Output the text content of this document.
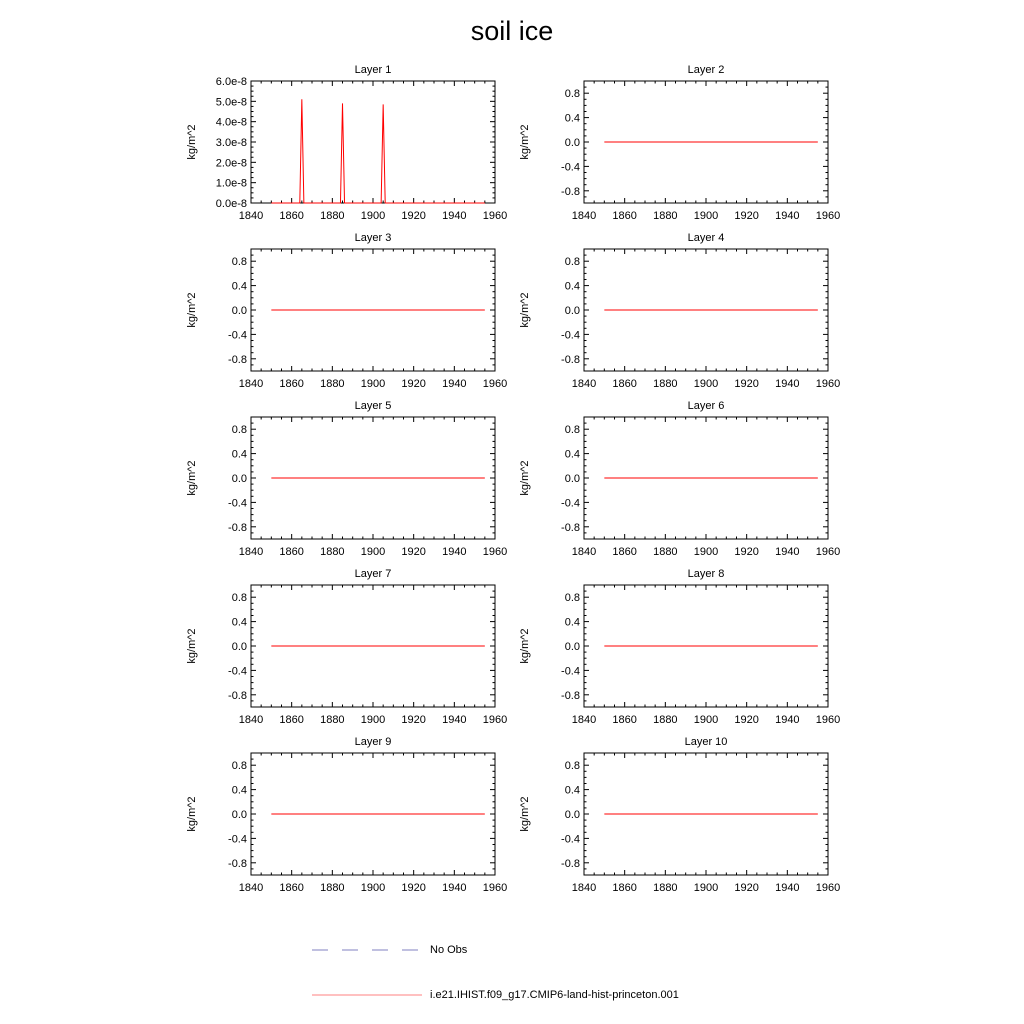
soil ice
Layer 1
kg/m^2
1840 1860 1880 1900 1920 1940 1960
0.0e-8
1.0e-8
2.0e-8
3.0e-8
4.0e-8
5.0e-8
6.0e-8
Layer 2
kg/m^2
1840 1860 1880 1900 1920 1940 1960
0.8
0.4
0.0
-0.4
-0.8
Layer 3
kg/m^2
1840 1860 1880 1900 1920 1940 1960
0.8
0.4
0.0
-0.4
-0.8
Layer 4
kg/m^2
1840 1860 1880 1900 1920 1940 1960
0.8
0.4
0.0
-0.4
-0.8
Layer 5
kg/m^2
1840 1860 1880 1900 1920 1940 1960
0.8
0.4
0.0
-0.4
-0.8
Layer 6
kg/m^2
1840 1860 1880 1900 1920 1940 1960
0.8
0.4
0.0
-0.4
-0.8
Layer 7
kg/m^2
1840 1860 1880 1900 1920 1940 1960
0.8
0.4
0.0
-0.4
-0.8
Layer 8
kg/m^2
1840 1860 1880 1900 1920 1940 1960
0.8
0.4
0.0
-0.4
-0.8
Layer 9
kg/m^2
1840 1860 1880 1900 1920 1940 1960
0.8
0.4
0.0
-0.4
-0.8
Layer 10
kg/m^2
1840 1860 1880 1900 1920 1940 1960
0.8
0.4
0.0
-0.4
-0.8
No Obs
i.e21.IHIST.f09_g17.CMIP6-land-hist-princeton.001
